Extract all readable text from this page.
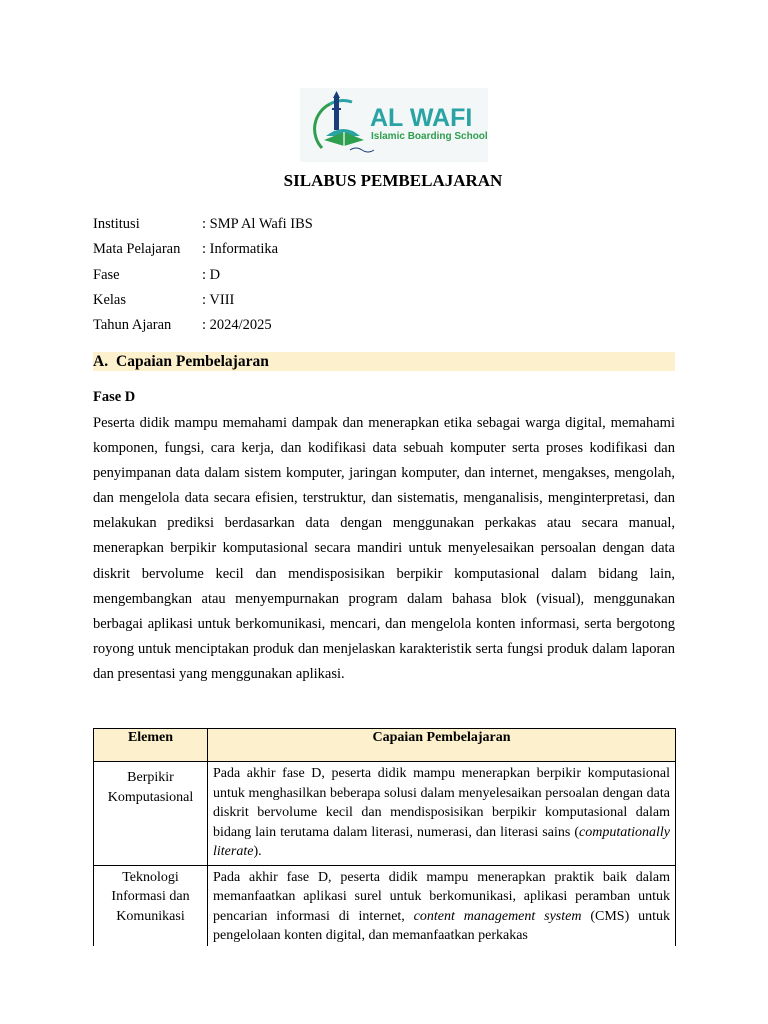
AL WAFI
Islamic Boarding School
SILABUS PEMBELAJARAN
Institusi	: SMP Al Wafi IBS
Mata Pelajaran	: Informatika
Fase	: D
Kelas	: VIII
Tahun Ajaran	: 2024/2025
A. Capaian Pembelajaran
Fase D
Peserta didik mampu memahami dampak dan menerapkan etika sebagai warga digital, memahami komponen, fungsi, cara kerja, dan kodifikasi data sebuah komputer serta proses kodifikasi dan penyimpanan data dalam sistem komputer, jaringan komputer, dan internet, mengakses, mengolah, dan mengelola data secara efisien, terstruktur, dan sistematis, menganalisis, menginterpretasi, dan melakukan prediksi berdasarkan data dengan menggunakan perkakas atau secara manual, menerapkan berpikir komputasional secara mandiri untuk menyelesaikan persoalan dengan data diskrit bervolume kecil dan mendisposisikan berpikir komputasional dalam bidang lain, mengembangkan atau menyempurnakan program dalam bahasa blok (visual), menggunakan berbagai aplikasi untuk berkomunikasi, mencari, dan mengelola konten informasi, serta bergotong royong untuk menciptakan produk dan menjelaskan karakteristik serta fungsi produk dalam laporan dan presentasi yang menggunakan aplikasi.
Elemen	Capaian Pembelajaran
Berpikir Komputasional	Pada akhir fase D, peserta didik mampu menerapkan berpikir komputasional untuk menghasilkan beberapa solusi dalam menyelesaikan persoalan dengan data diskrit bervolume kecil dan mendisposisikan berpikir komputasional dalam bidang lain terutama dalam literasi, numerasi, dan literasi sains (computationally literate).
Teknologi Informasi dan Komunikasi	Pada akhir fase D, peserta didik mampu menerapkan praktik baik dalam memanfaatkan aplikasi surel untuk berkomunikasi, aplikasi peramban untuk pencarian informasi di internet, content management system (CMS) untuk pengelolaan konten digital, dan memanfaatkan perkakas
